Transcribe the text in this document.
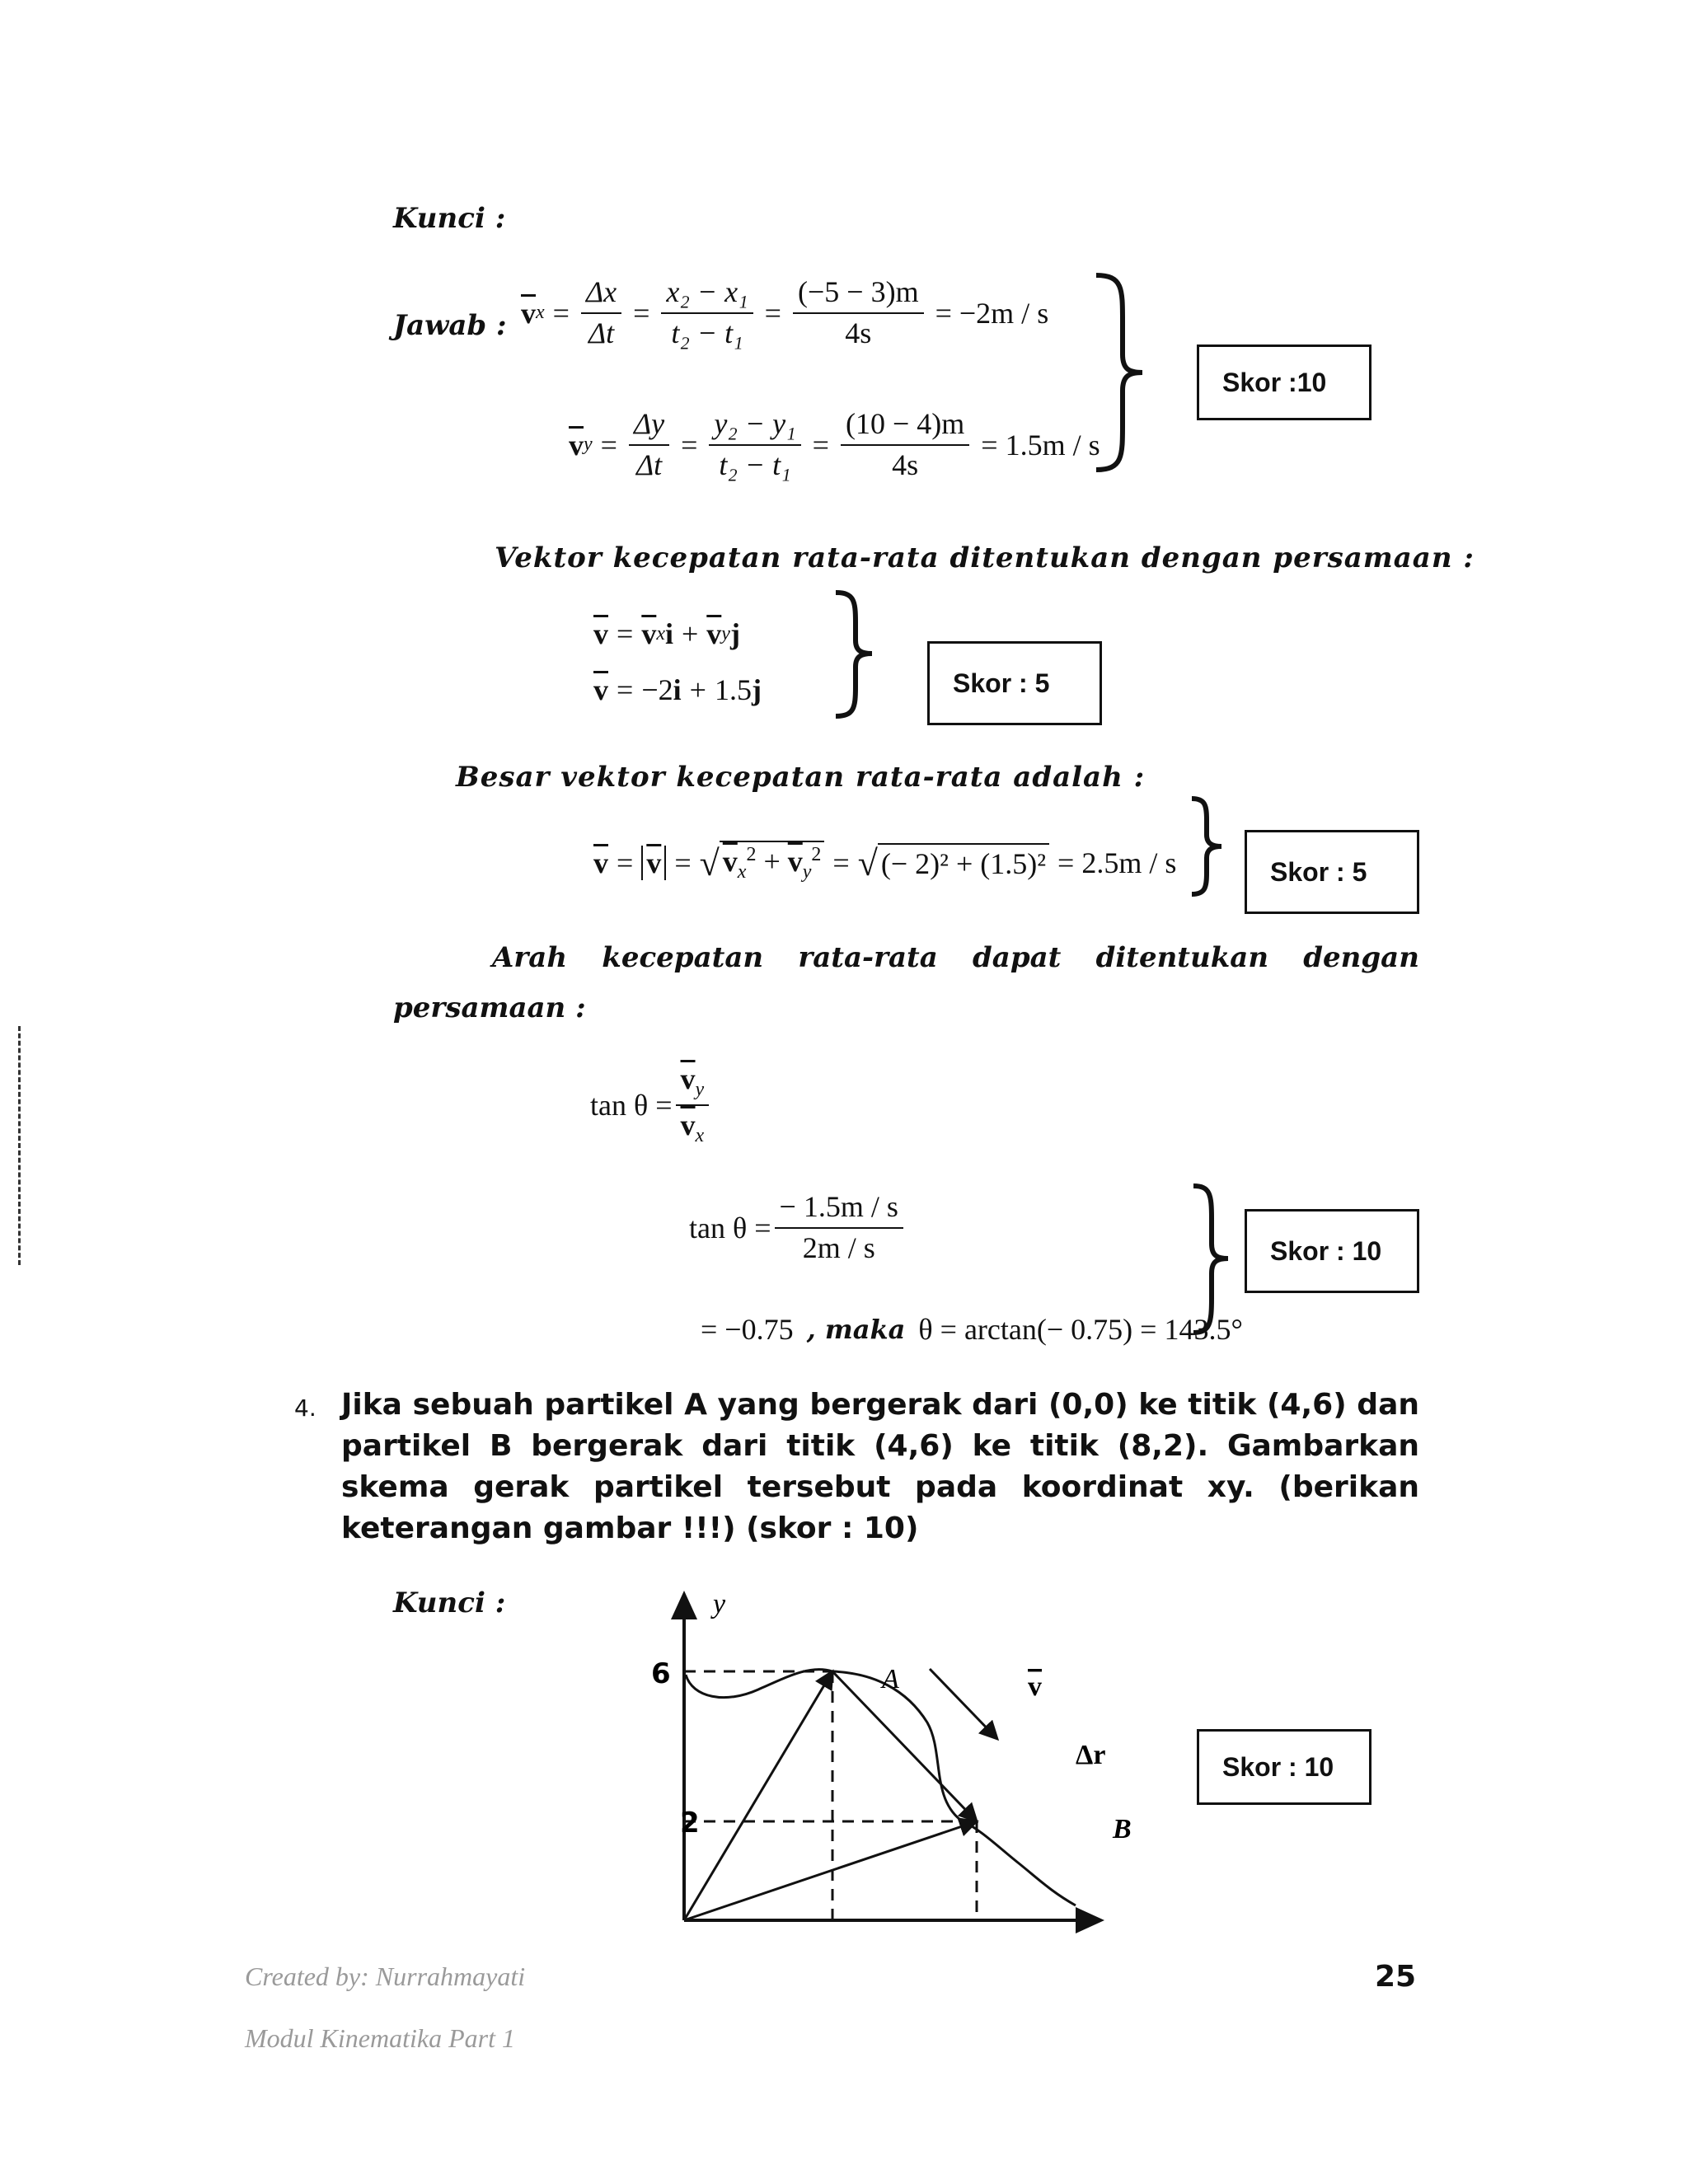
Kunci :
Jawab : $\overline{v}$ $x = \frac{\Delta x}{\Delta t} = \frac{\text{x₂ − x₁}}{\text{t₂ − t₁}} = \frac{(-5 - 3)m}{4s} = -2m / s$
$\overline{v}$ $y = \frac{\Delta y}{\Delta t} = \frac{\text{y₂ − y₁}}{\text{t₂ − t₁}} = \frac{(10 - 4)m}{4s} = 1.5m / s$
Skor :10
Vektor kecepatan rata-rata ditentukan dengan persamaan :
$\overline{v} = \overline{v}$ x $i + \overline{v}$ y j
$\overline{v} = -2$ i + 1.5 j	Skor : 5
Besar vektor kecepatan rata-rata adalah :
$\overline{v} = \overline{v}$ = √ $v_x^2 + \overline{v}_y^2$ = √ (− 2)² + (1.5)² = 2.5m / s	Skor : 5
Arah kecepatan rata-rata dapat ditentukan dengan
persamaan :
$\tan \theta = \frac{\overline{v}_y}{\overline{v}_x}$
$\tan \theta = \frac{- 1.5m / s}{2m / s}$
= −0.75 , maka θ = arctan(− 0.75) = 143.5°
Skor : 10
4. Jika sebuah partikel A yang bergerak dari (0,0) ke titik (4,6) dan partikel B bergerak dari titik (4,6) ke titik (8,2). Gambarkan skema gerak partikel tersebut pada koordinat xy. (berikan keterangan gambar !!!) (skor : 10)
Kunci :	y
6
2
A	v
Δr
B
Skor : 10
Created by: Nurrahmayati
Modul Kinematika Part 1
25
